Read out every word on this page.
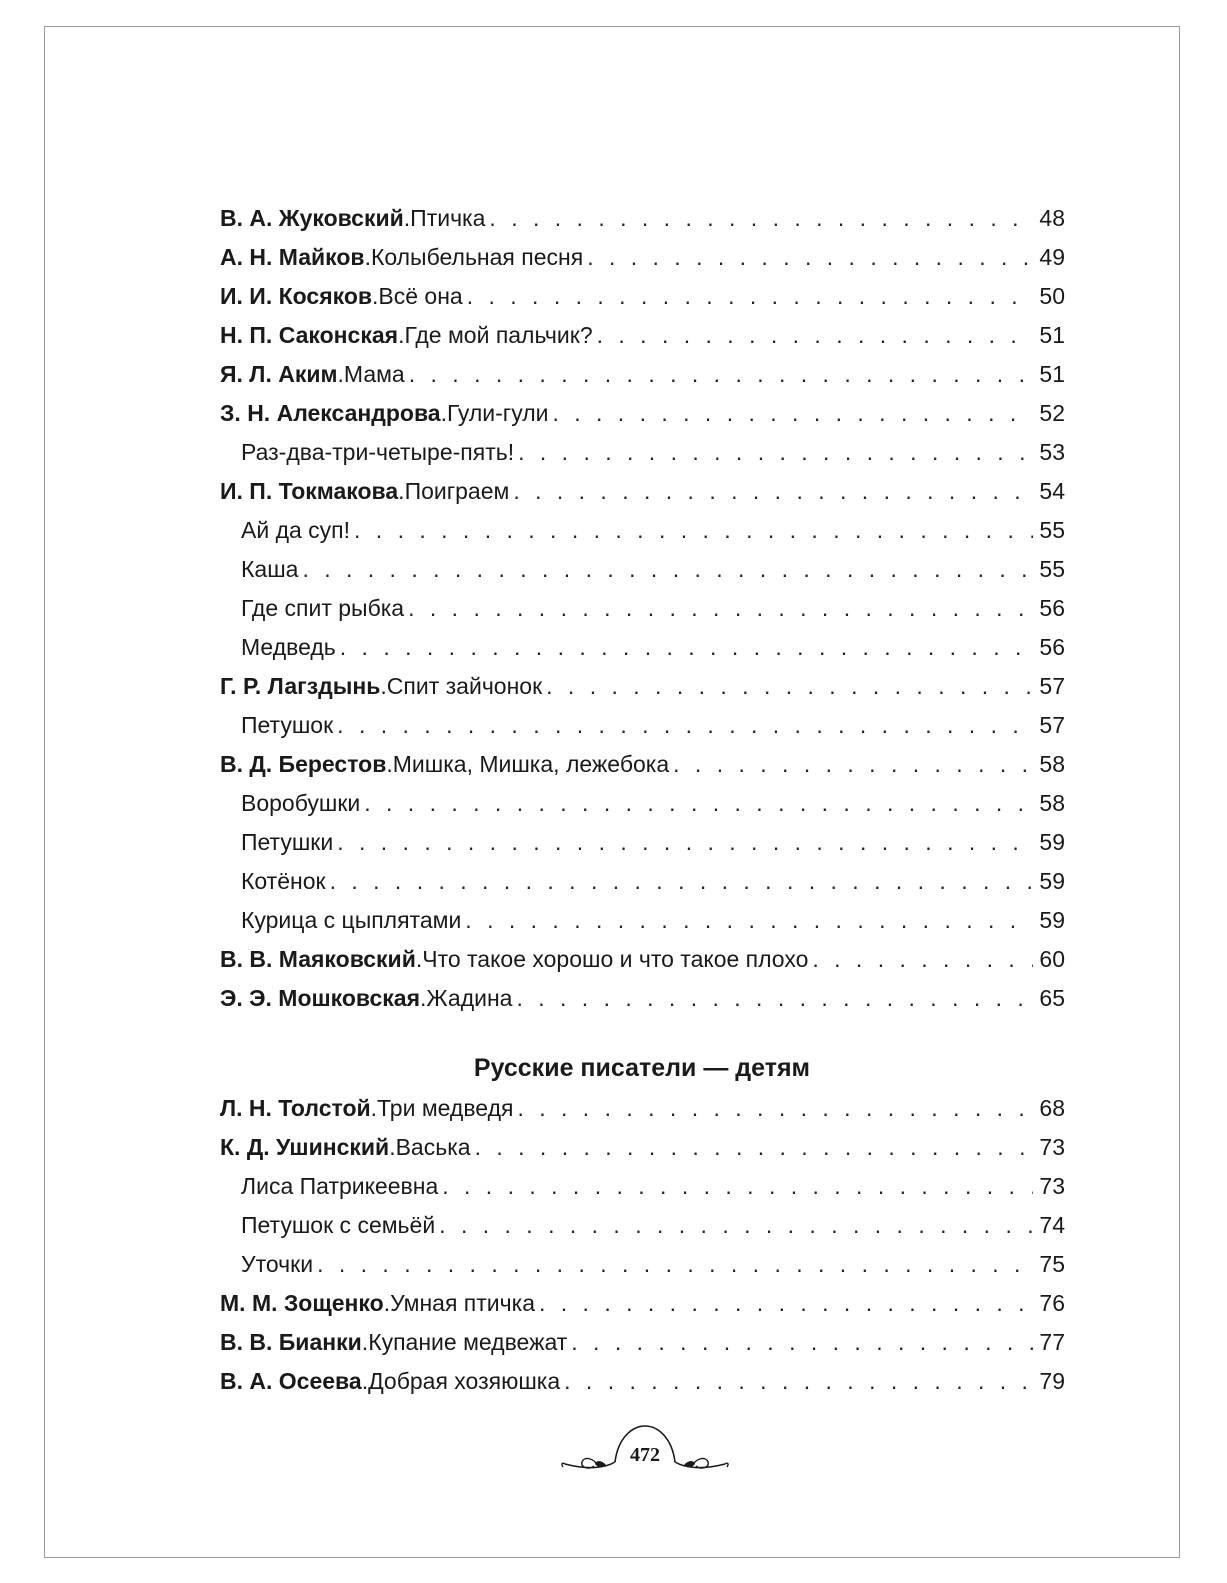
В. А. Жуковский . Птичка . . .	48
А. Н. Майков . Колыбельная песня . . .	49
И. И. Косяков . Всё она . . .	50
Н. П. Саконская . Где мой пальчик? . . .	51
Я. Л. Аким . Мама . . .	51
З. Н. Александрова . Гули-гули . . .	52
Раз-два-три-четыре-пять! . . .	53
И. П. Токмакова . Поиграем . . .	54
Ай да суп! . . .	55
Каша . . .	55
Где спит рыбка . . .	56
Медведь . . .	56
Г. Р. Лагздынь . Спит зайчонок . . .	57
Петушок . . .	57
В. Д. Берестов . Мишка, Мишка, лежебока . . .	58
Воробушки . . .	58
Петушки . . .	59
Котёнок . . .	59
Курица с цыплятами . . .	59
В. В. Маяковский . Что такое хорошо и что такое плохо . . .	60
Э. Э. Мошковская . Жадина . . .	65
Русские писатели — детям
Л. Н. Толстой . Три медведя . . .	68
К. Д. Ушинский . Васька . . .	73
Лиса Патрикеевна . . .	73
Петушок с семьёй . . .	74
Уточки . . .	75
М. М. Зощенко . Умная птичка . . .	76
В. В. Бианки . Купание медвежат . . .	77
В. А. Осеева . Добрая хозяюшка . . .	79
472
